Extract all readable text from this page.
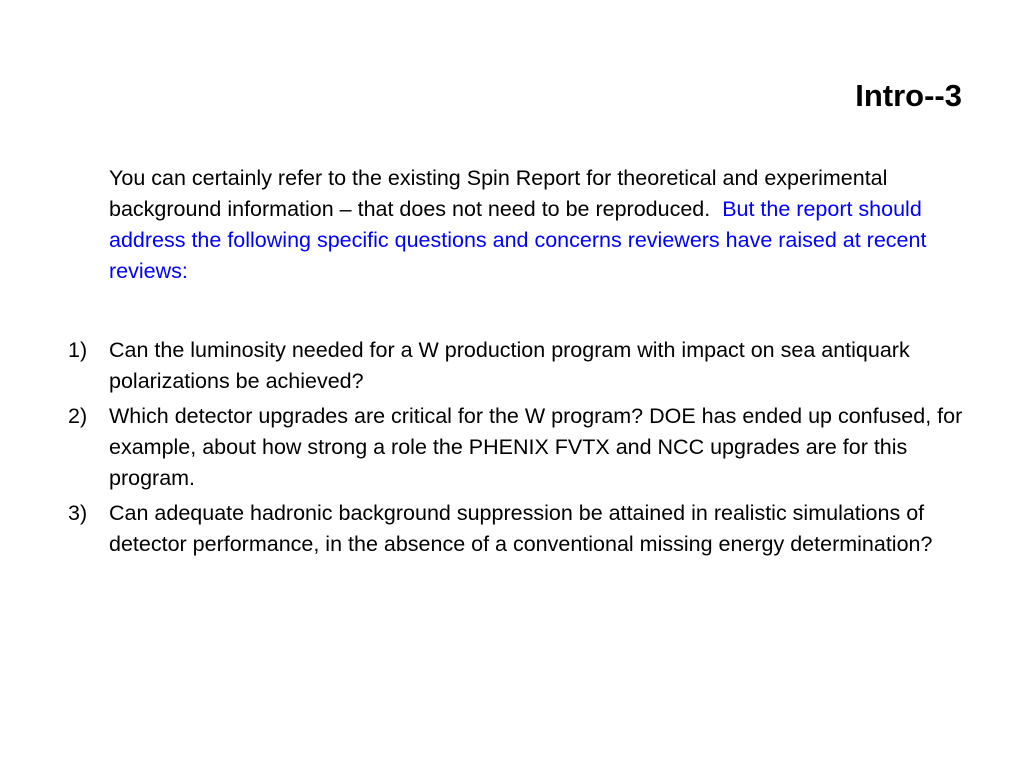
Intro--3
You can certainly refer to the existing Spin Report for theoretical and experimental background information – that does not need to be reproduced. But the report should address the following specific questions and concerns reviewers have raised at recent reviews:
1) Can the luminosity needed for a W production program with impact on sea antiquark polarizations be achieved?
2) Which detector upgrades are critical for the W program? DOE has ended up confused, for example, about how strong a role the PHENIX FVTX and NCC upgrades are for this program.
3) Can adequate hadronic background suppression be attained in realistic simulations of detector performance, in the absence of a conventional missing energy determination?
